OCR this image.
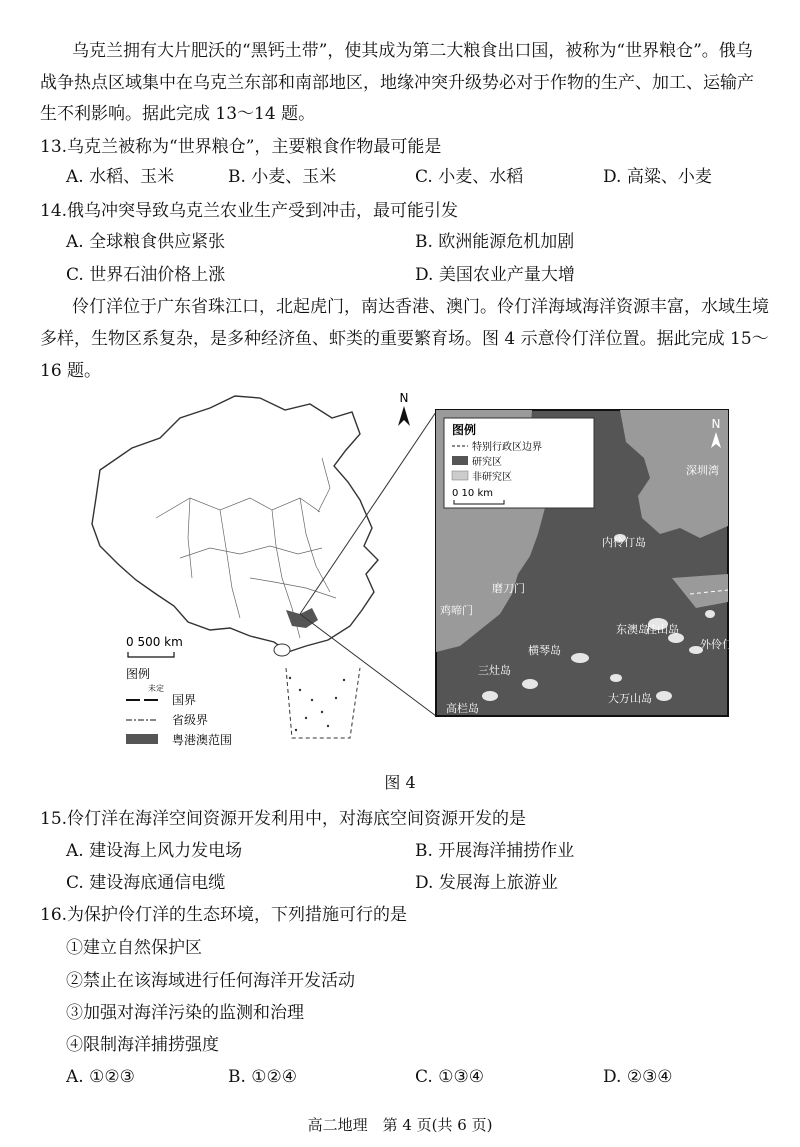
乌克兰拥有大片肥沃的“黑钙土带”，使其成为第二大粮食出口国，被称为“世界粮仓”。俄乌
战争热点区域集中在乌克兰东部和南部地区，地缘冲突升级势必对于作物的生产、加工、运输产
生不利影响。据此完成 13～14 题。
13.乌克兰被称为“世界粮仓”，主要粮食作物最可能是
A. 水稻、玉米	B. 小麦、玉米	C. 小麦、水稻	D. 高粱、小麦
14.俄乌冲突导致乌克兰农业生产受到冲击，最可能引发
A. 全球粮食供应紧张	B. 欧洲能源危机加剧
C. 世界石油价格上涨	D. 美国农业产量大增
伶仃洋位于广东省珠江口，北起虎门，南达香港、澳门。伶仃洋海域海洋资源丰富，水域生境
多样，生物区系复杂，是多种经济鱼、虾类的重要繁育场。图 4 示意伶仃洋位置。据此完成 15～
16 题。
N
0 500 km
图例
未定
国界
省级界
粤港澳范围
图例
特别行政区边界
研究区
非研究区
0 10 km
N
龙穴岛
深圳湾
淇澳岛
内伶仃岛
磨刀门
鸡啼门
东澳岛
桂山岛
外伶仃岛
横琴岛
三灶岛
高栏岛
大万山岛
图 4
15.伶仃洋在海洋空间资源开发利用中，对海底空间资源开发的是
A. 建设海上风力发电场	B. 开展海洋捕捞作业
C. 建设海底通信电缆	D. 发展海上旅游业
16.为保护伶仃洋的生态环境，下列措施可行的是
①建立自然保护区
②禁止在该海域进行任何海洋开发活动
③加强对海洋污染的监测和治理
④限制海洋捕捞强度
A. ①②③	B. ①②④	C. ①③④	D. ②③④
高二地理　第 4 页(共 6 页)
